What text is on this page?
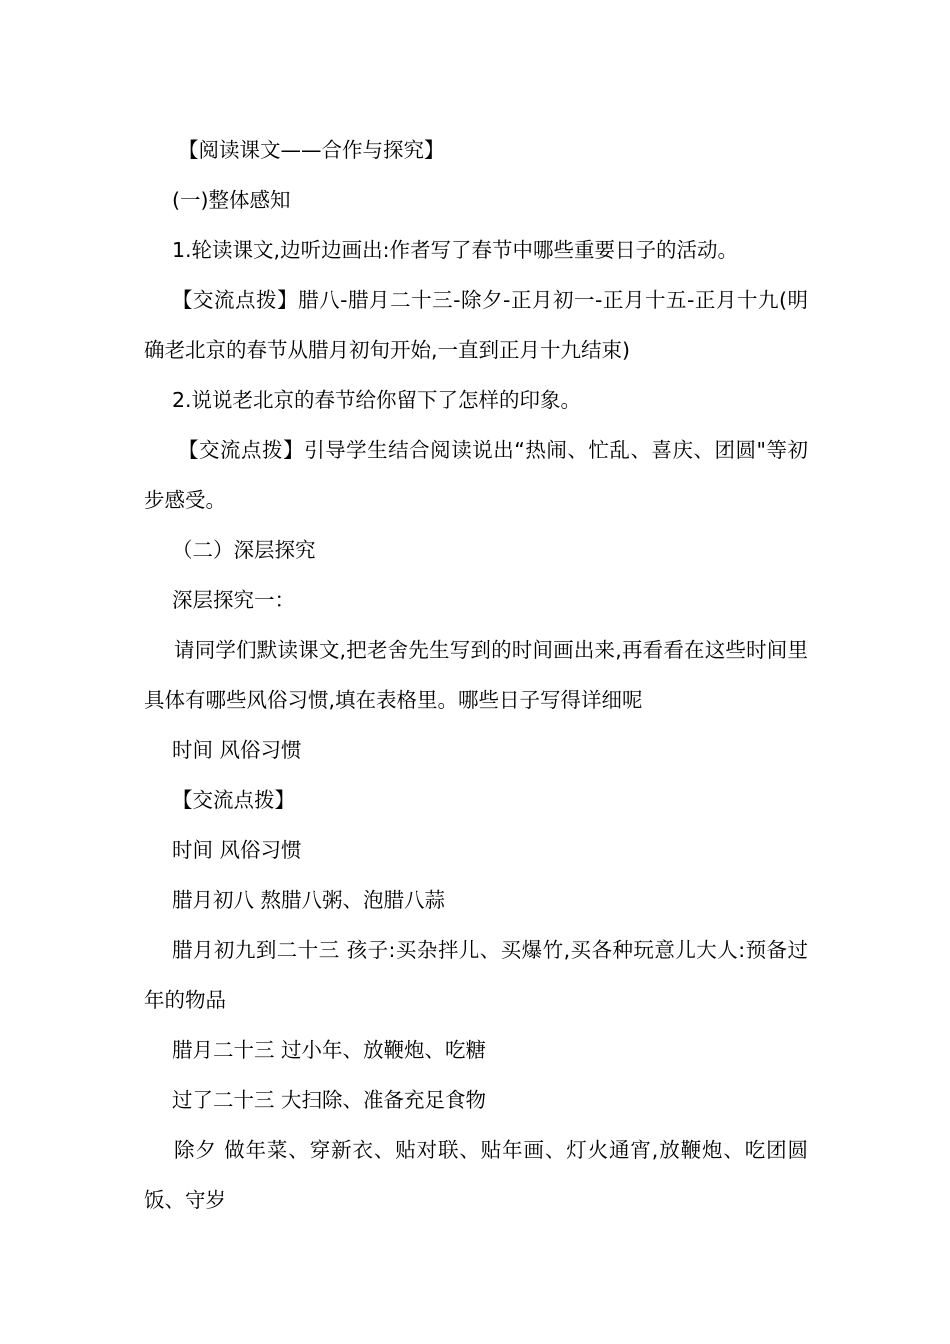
【阅读课文——合作与探究】

(一)整体感知

1.轮读课文,边听边画出:作者写了春节中哪些重要日子的活动。

【交流点拨】腊八-腊月二十三-除夕-正月初一-正月十五-正月十九(明确老北京的春节从腊月初旬开始,一直到正月十九结束)

2.说说老北京的春节给你留下了怎样的印象。

【交流点拨】引导学生结合阅读说出“热闹、忙乱、喜庆、团圆"等初步感受。

（二）深层探究

深层探究一：

请同学们默读课文,把老舍先生写到的时间画出来,再看看在这些时间里具体有哪些风俗习惯,填在表格里。哪些日子写得详细呢

时间 风俗习惯

【交流点拨】

时间 风俗习惯

腊月初八 熬腊八粥、泡腊八蒜

腊月初九到二十三 孩子:买杂拌儿、买爆竹,买各种玩意儿大人:预备过年的物品

腊月二十三 过小年、放鞭炮、吃糖

过了二十三 大扫除、准备充足食物

除夕 做年菜、穿新衣、贴对联、贴年画、灯火通宵,放鞭炮、吃团圆饭、守岁
